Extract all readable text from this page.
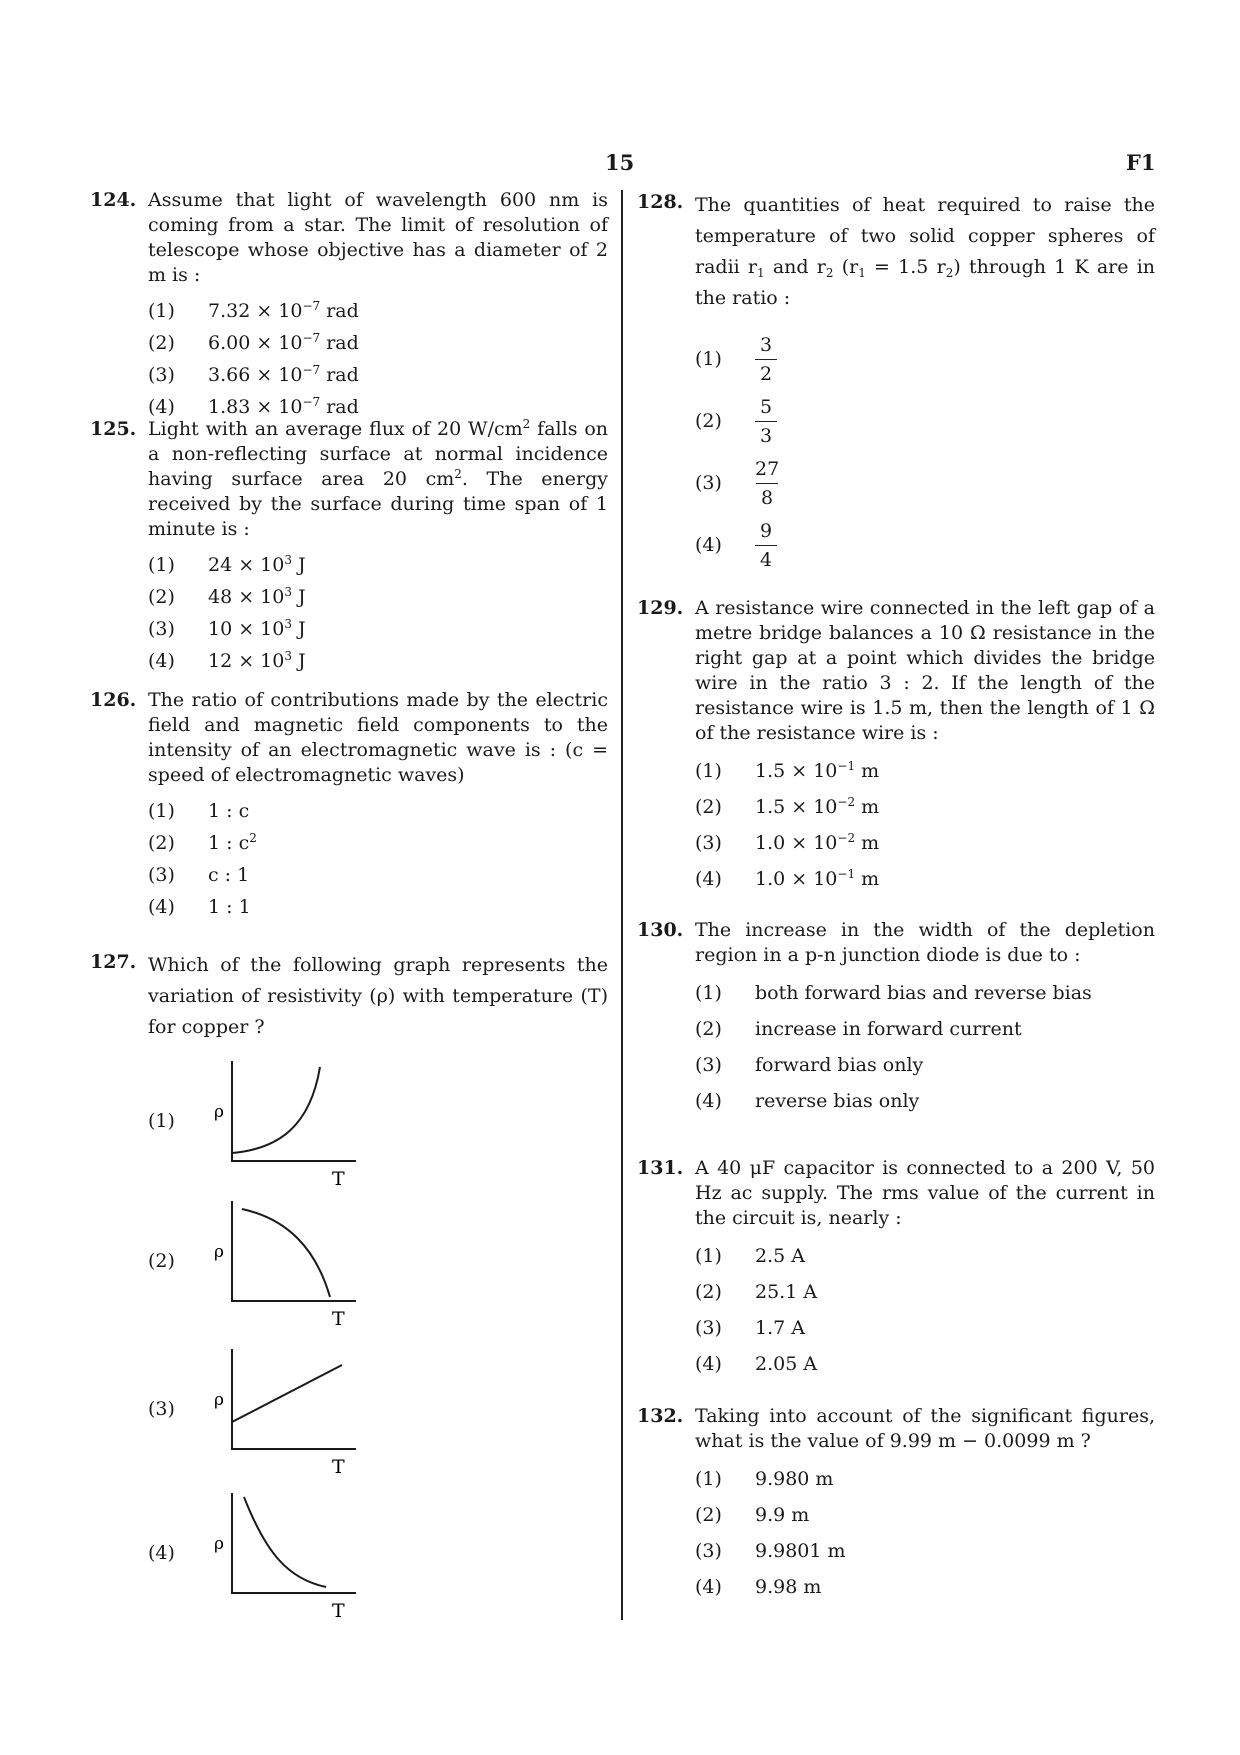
15	F1
124. Assume that light of wavelength 600 nm is coming from a star. The limit of resolution of telescope whose objective has a diameter of 2 m is :
(1)	$7.32 \times 10^{-7}$ rad
(2)	$6.00 \times 10^{-7}$ rad
(3)	$3.66 \times 10^{-7}$ rad
(4)	$1.83 \times 10^{-7}$ rad
125. Light with an average flux of 20 $W/cm^2$ falls on a non-reflecting surface at normal incidence having surface area 20 $cm^2$. The energy received by the surface during time span of 1 minute is :
(1)	$24 \times 10^3$ J
(2)	$48 \times 10^3$ J
(3)	$10 \times 10^3$ J
(4)	$12 \times 10^3$ J
126. The ratio of contributions made by the electric field and magnetic field components to the intensity of an electromagnetic wave is : (c = speed of electromagnetic waves)
(1)	1 : c
(2)	1 : $c^2$
(3)	c : 1
(4)	1 : 1
127. Which of the following graph represents the variation of resistivity (ρ) with temperature (T) for copper ?
(1)	ρ
T
(2)	ρ
T
(3)	ρ
T
(4)	ρ
T
128. The quantities of heat required to raise the temperature of two solid copper spheres of radii $r_1$ and $r_2$ ($r_1 = 1.5$ $r_2$) through 1 K are in the ratio :
(1)	$\frac{3}{2}$
(2)	$\frac{5}{3}$
(3)	$\frac{27}{8}$
(4)	$\frac{9}{4}$
129. A resistance wire connected in the left gap of a metre bridge balances a 10 Ω resistance in the right gap at a point which divides the bridge wire in the ratio 3 : 2. If the length of the resistance wire is 1.5 m, then the length of 1 Ω of the resistance wire is :
(1)	$1.5 \times 10^{-1}$ m
(2)	$1.5 \times 10^{-2}$ m
(3)	$1.0 \times 10^{-2}$ m
(4)	$1.0 \times 10^{-1}$ m
130. The increase in the width of the depletion region in a p-n junction diode is due to :
(1)	both forward bias and reverse bias
(2)	increase in forward current
(3)	forward bias only
(4)	reverse bias only
131. A 40 μF capacitor is connected to a 200 V, 50 Hz ac supply. The rms value of the current in the circuit is, nearly :
(1)	2.5 A
(2)	25.1 A
(3)	1.7 A
(4)	2.05 A
132. Taking into account of the significant figures, what is the value of 9.99 m − 0.0099 m ?
(1)	9.980 m
(2)	9.9 m
(3)	9.9801 m
(4)	9.98 m
